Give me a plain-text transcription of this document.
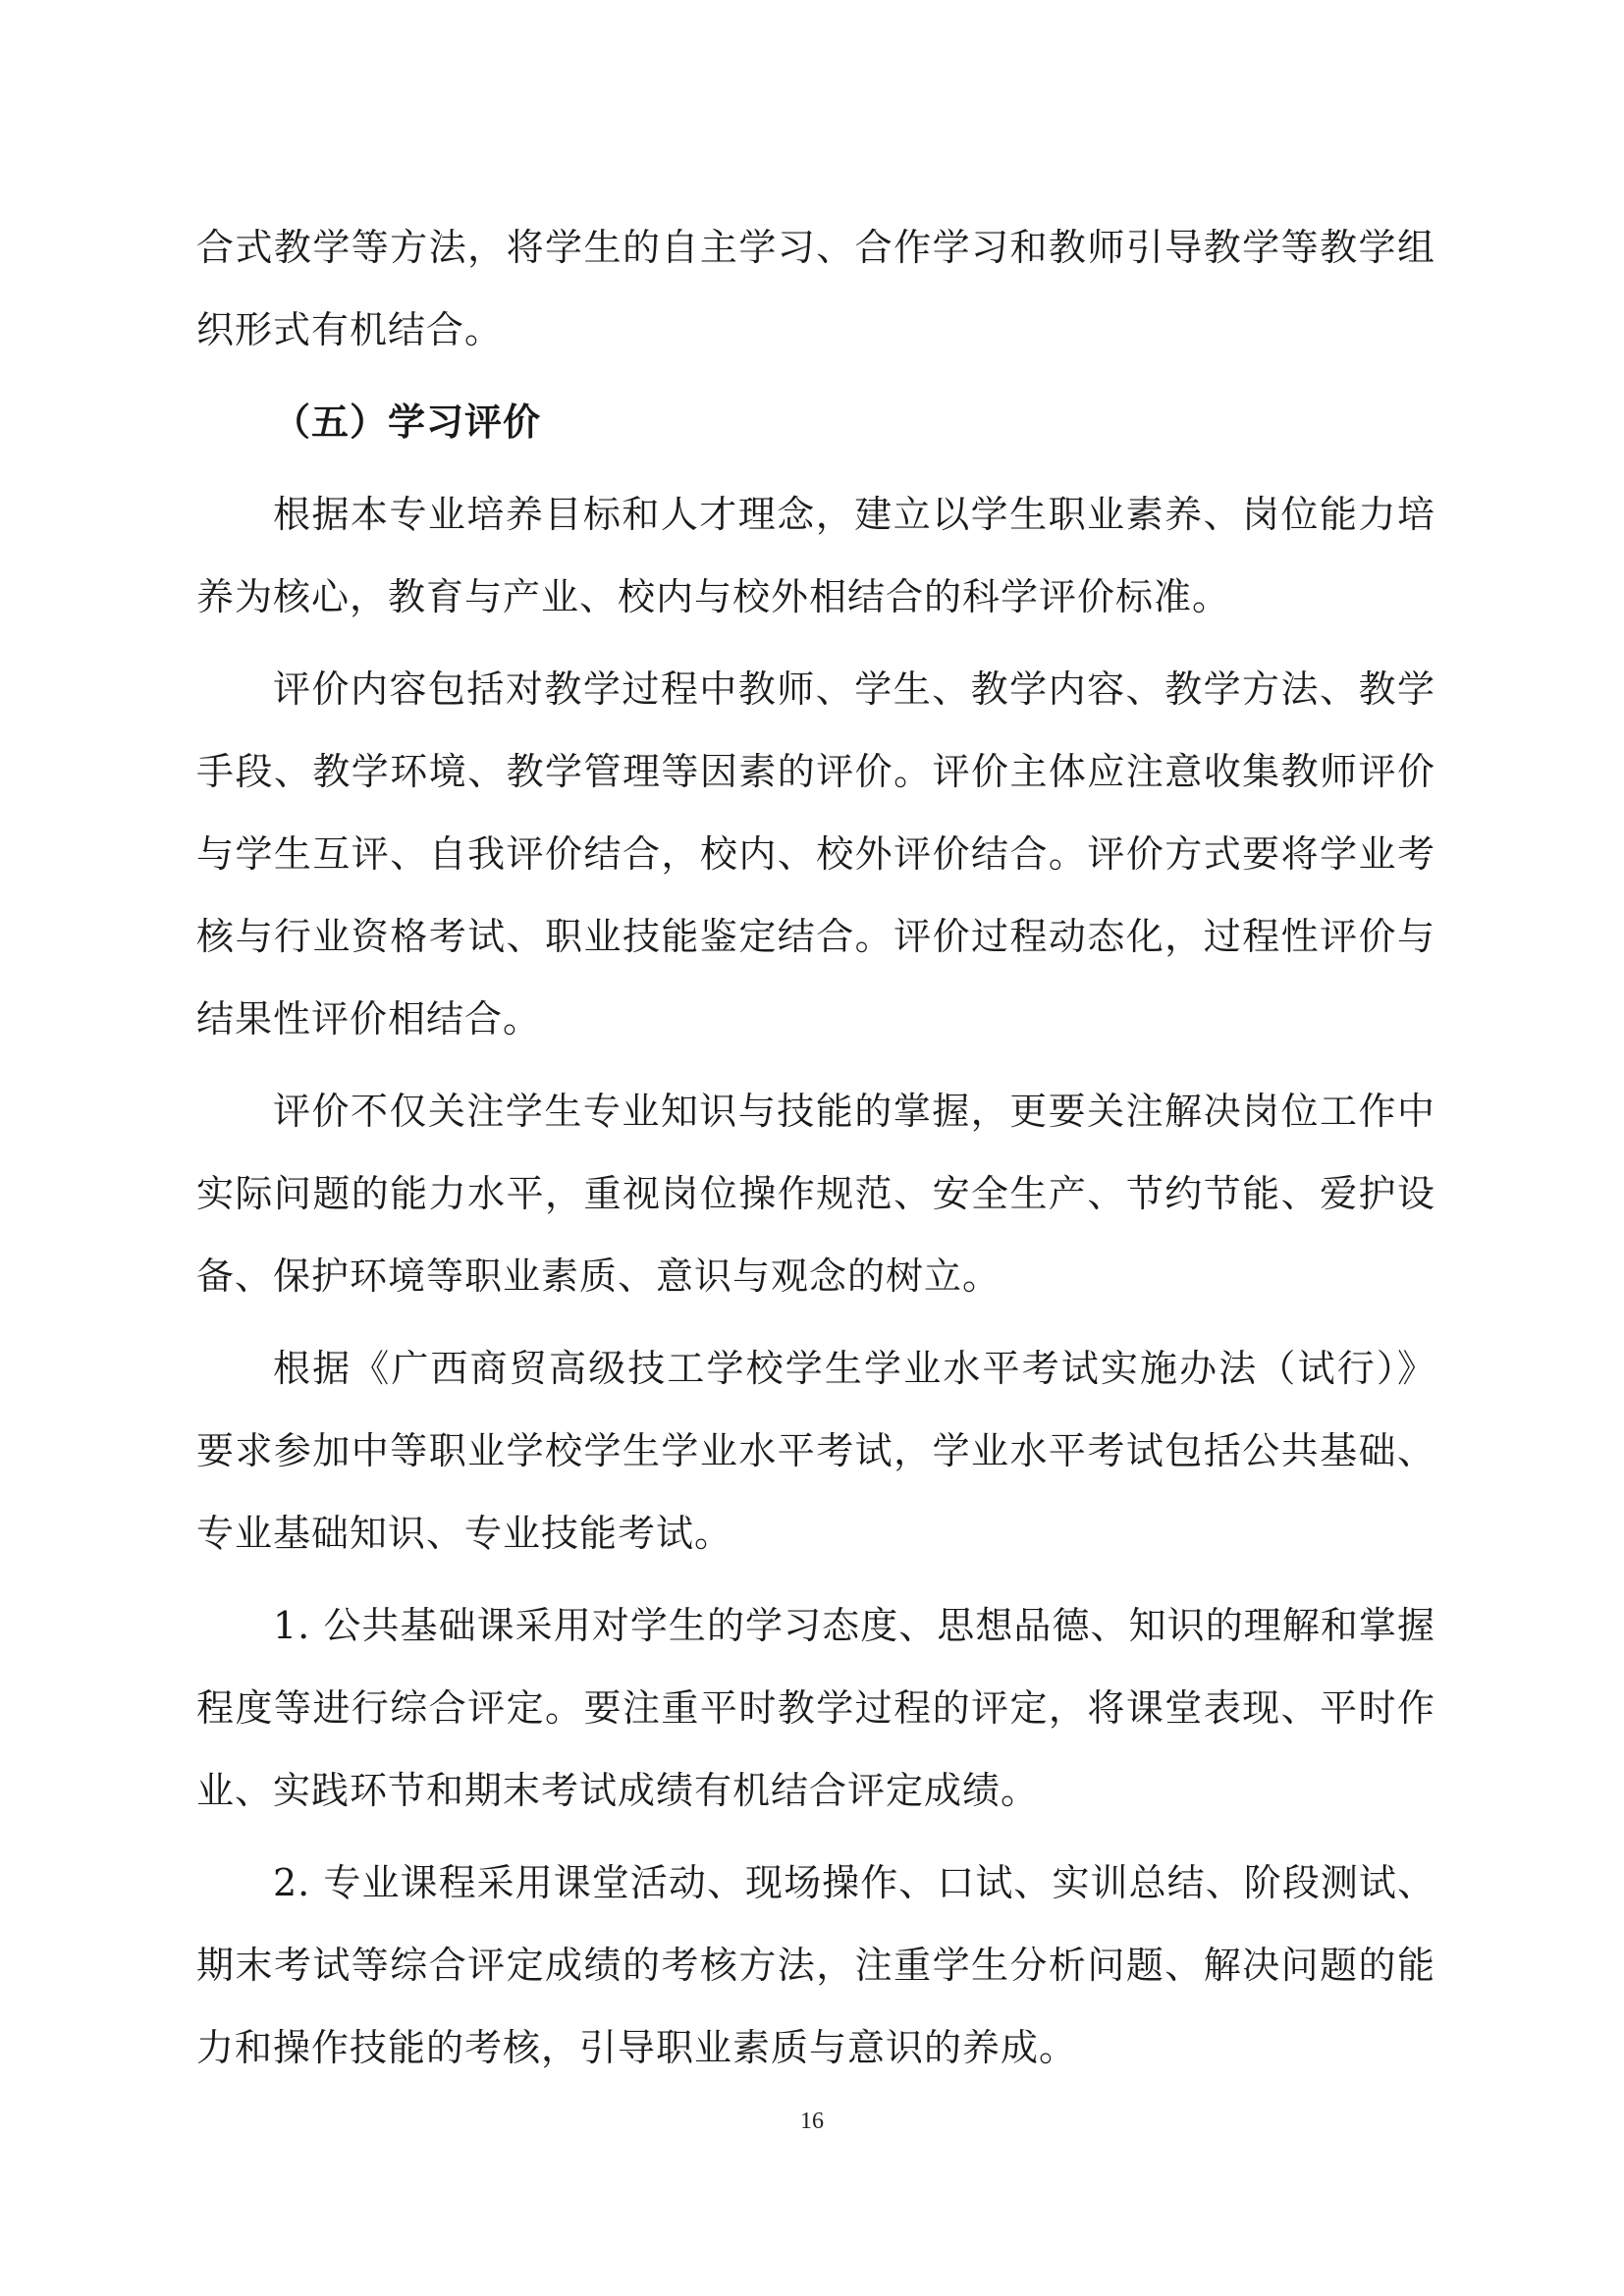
合式教学等方法，将学生的自主学习、合作学习和教师引导教学等教学组织形式有机结合。

（五）学习评价

根据本专业培养目标和人才理念，建立以学生职业素养、岗位能力培养为核心，教育与产业、校内与校外相结合的科学评价标准。

评价内容包括对教学过程中教师、学生、教学内容、教学方法、教学手段、教学环境、教学管理等因素的评价。评价主体应注意收集教师评价与学生互评、自我评价结合，校内、校外评价结合。评价方式要将学业考核与行业资格考试、职业技能鉴定结合。评价过程动态化，过程性评价与结果性评价相结合。

评价不仅关注学生专业知识与技能的掌握，更要关注解决岗位工作中实际问题的能力水平，重视岗位操作规范、安全生产、节约节能、爱护设备、保护环境等职业素质、意识与观念的树立。

根据《广西商贸高级技工学校学生学业水平考试实施办法（试行）》要求参加中等职业学校学生学业水平考试，学业水平考试包括公共基础、专业基础知识、专业技能考试。

1. 公共基础课采用对学生的学习态度、思想品德、知识的理解和掌握程度等进行综合评定。要注重平时教学过程的评定，将课堂表现、平时作业、实践环节和期末考试成绩有机结合评定成绩。

2. 专业课程采用课堂活动、现场操作、口试、实训总结、阶段测试、期末考试等综合评定成绩的考核方法，注重学生分析问题、解决问题的能力和操作技能的考核，引导职业素质与意识的养成。

16
